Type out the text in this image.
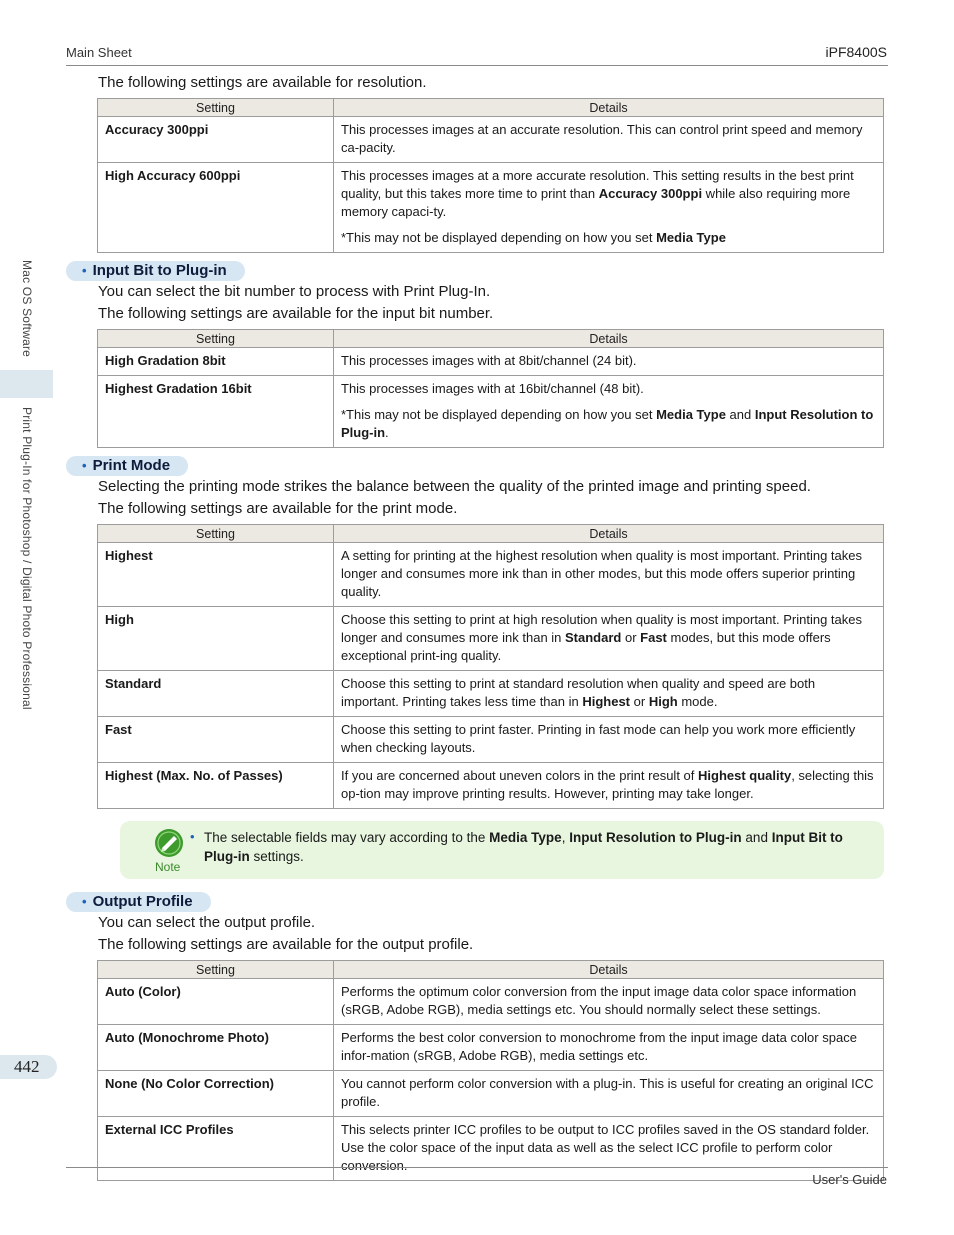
Main Sheet	iPF8400S
Mac OS Software
Print Plug-In for Photoshop / Digital Photo Professional
442

The following settings are available for resolution.

Setting	Details
Accuracy 300ppi	This processes images at an accurate resolution. This can control print speed and memory ca-pacity.
High Accuracy 600ppi	This processes images at a more accurate resolution. This setting results in the best print quality, but this takes more time to print than Accuracy 300ppi while also requiring more memory capaci-ty.
*This may not be displayed depending on how you set Media Type
• Input Bit to Plug-in

You can select the bit number to process with Print Plug-In.

The following settings are available for the input bit number.

Setting	Details
High Gradation 8bit	This processes images with at 8bit/channel (24 bit).
Highest Gradation 16bit	This processes images with at 16bit/channel (48 bit).
*This may not be displayed depending on how you set Media Type and Input Resolution to Plug-in.
• Print Mode

Selecting the printing mode strikes the balance between the quality of the printed image and printing speed.

The following settings are available for the print mode.

Setting	Details
Highest	A setting for printing at the highest resolution when quality is most important. Printing takes longer and consumes more ink than in other modes, but this mode offers superior printing quality.
High	Choose this setting to print at high resolution when quality is most important. Printing takes longer and consumes more ink than in Standard or Fast modes, but this mode offers exceptional print-ing quality.
Standard	Choose this setting to print at standard resolution when quality and speed are both important. Printing takes less time than in Highest or High mode.
Fast	Choose this setting to print faster. Printing in fast mode can help you work more efficiently when checking layouts.
Highest (Max. No. of Passes)	If you are concerned about uneven colors in the print result of Highest quality, selecting this op-tion may improve printing results. However, printing may take longer.
Note
• The selectable fields may vary according to the Media Type, Input Resolution to Plug-in and Input Bit to Plug-in settings.
• Output Profile

You can select the output profile.

The following settings are available for the output profile.

Setting	Details
Auto (Color)	Performs the optimum color conversion from the input image data color space information (sRGB, Adobe RGB), media settings etc. You should normally select these settings.
Auto (Monochrome Photo)	Performs the best color conversion to monochrome from the input image data color space infor-mation (sRGB, Adobe RGB), media settings etc.
None (No Color Correction)	You cannot perform color conversion with a plug-in. This is useful for creating an original ICC profile.
External ICC Profiles	This selects printer ICC profiles to be output to ICC profiles saved in the OS standard folder. Use the color space of the input data as well as the select ICC profile to perform color conversion.
User's Guide
